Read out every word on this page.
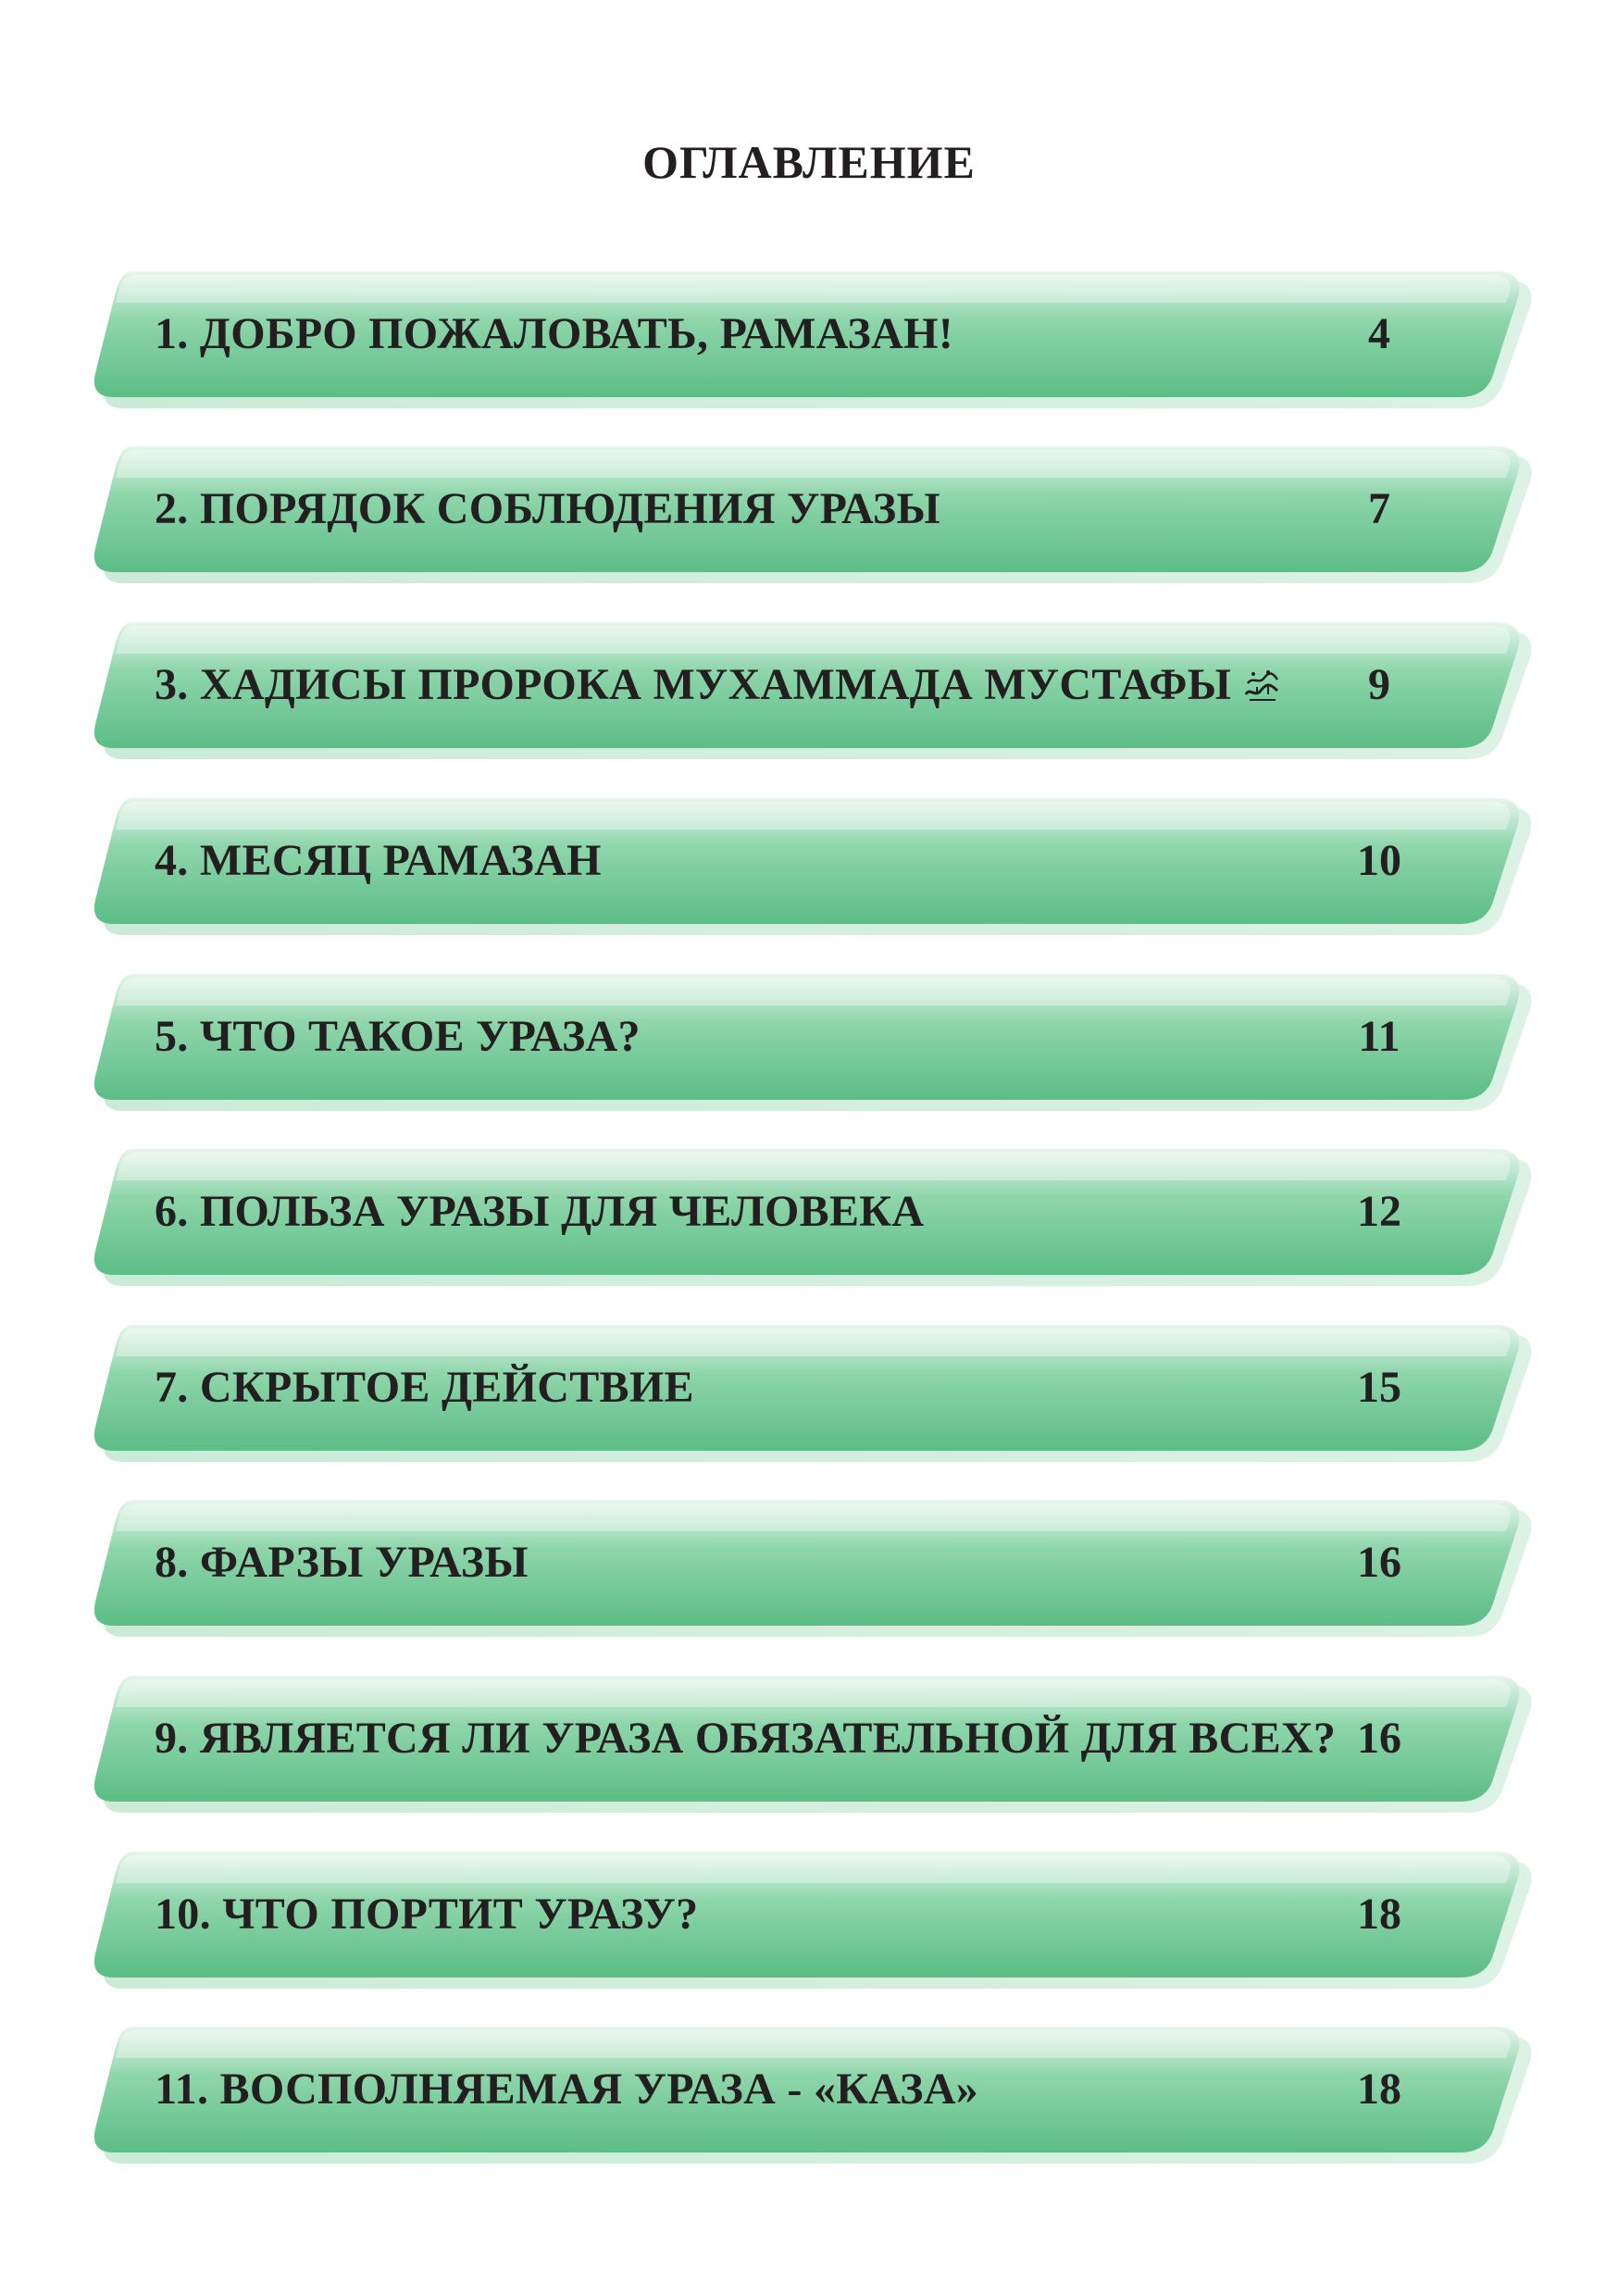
ОГЛАВЛЕНИЕ
1. ДОБРО ПОЖАЛОВАТЬ, РАМАЗАН!	4
2. ПОРЯДОК СОБЛЮДЕНИЯ УРАЗЫ	7
3. ХАДИСЫ ПРОРОКА МУХАММАДА МУСТАФЫ	9
4. МЕСЯЦ РАМАЗАН	10
5. ЧТО ТАКОЕ УРАЗА?	11
6. ПОЛЬЗА УРАЗЫ ДЛЯ ЧЕЛОВЕКА	12
7. СКРЫТОЕ ДЕЙСТВИЕ	15
8. ФАРЗЫ УРАЗЫ	16
9. ЯВЛЯЕТСЯ ЛИ УРАЗА ОБЯЗАТЕЛЬНОЙ ДЛЯ ВСЕХ? 16
10. ЧТО ПОРТИТ УРАЗУ?	18
11. ВОСПОЛНЯЕМАЯ УРАЗА - «КАЗА»	18
